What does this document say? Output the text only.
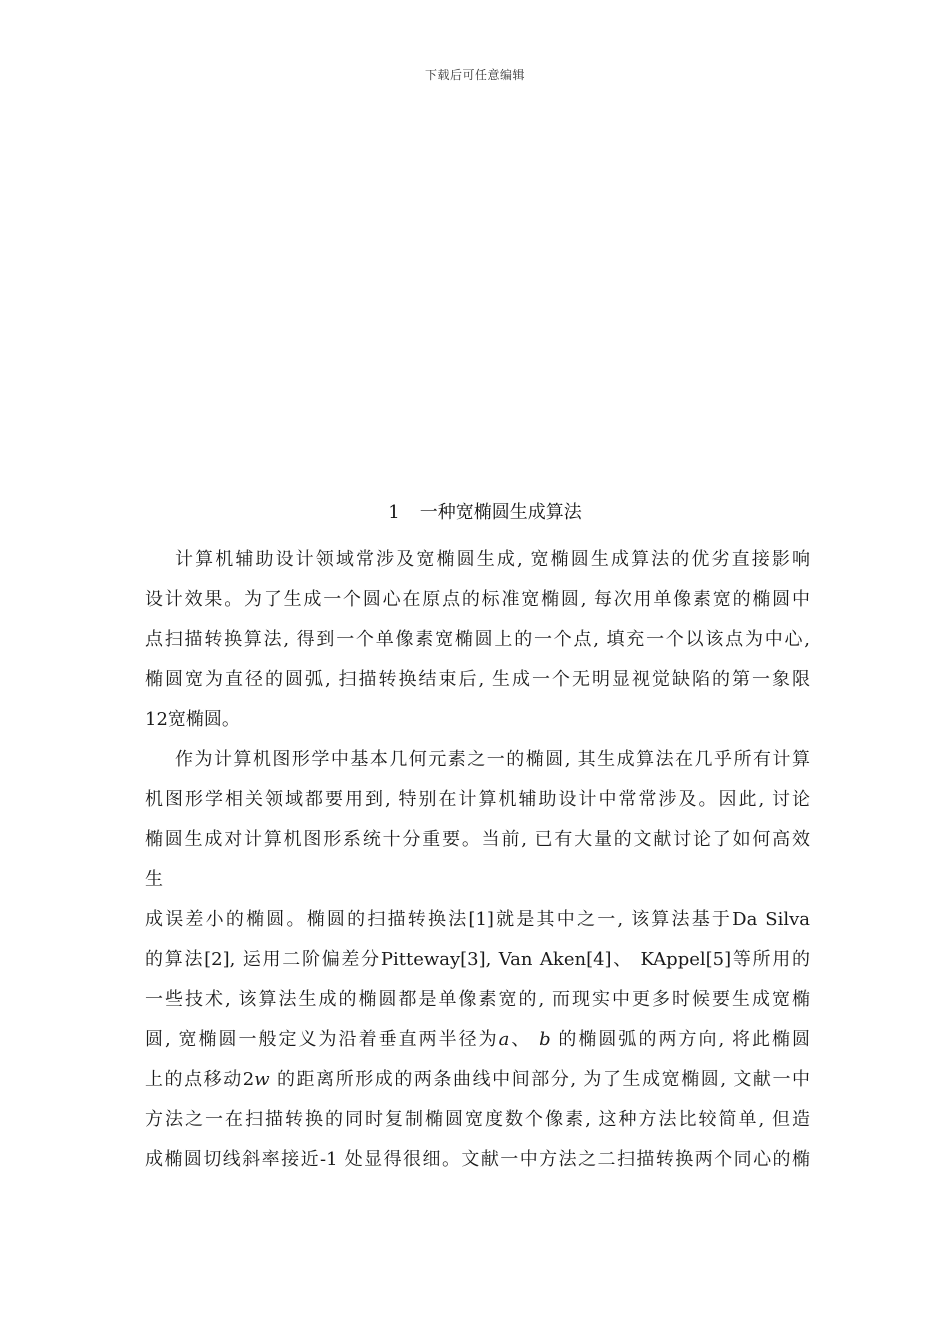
下载后可任意编辑
1 一种宽椭圆生成算法
计算机辅助设计领域常涉及宽椭圆生成, 宽椭圆生成算法的优劣直接影响
设计效果。为了生成一个圆心在原点的标准宽椭圆, 每次用单像素宽的椭圆中
点扫描转换算法, 得到一个单像素宽椭圆上的一个点, 填充一个以该点为中心,
椭圆宽为直径的圆弧, 扫描转换结束后, 生成一个无明显视觉缺陷的第一象限
12宽椭圆。
作为计算机图形学中基本几何元素之一的椭圆, 其生成算法在几乎所有计算
机图形学相关领域都要用到, 特别在计算机辅助设计中常常涉及。因此, 讨论
椭圆生成对计算机图形系统十分重要。当前, 已有大量的文献讨论了如何高效
生
成误差小的椭圆。椭圆的扫描转换法[1]就是其中之一, 该算法基于Da Silva
的算法[2], 运用二阶偏差分Pitteway[3], Van Aken[4]、 KAppel[5]等所用的
一些技术, 该算法生成的椭圆都是单像素宽的, 而现实中更多时候要生成宽椭
圆, 宽椭圆一般定义为沿着垂直两半径为a、 b 的椭圆弧的两方向, 将此椭圆
上的点移动2w 的距离所形成的两条曲线中间部分, 为了生成宽椭圆, 文献一中
方法之一在扫描转换的同时复制椭圆宽度数个像素, 这种方法比较简单, 但造
成椭圆切线斜率接近-1 处显得很细。文献一中方法之二扫描转换两个同心的椭
